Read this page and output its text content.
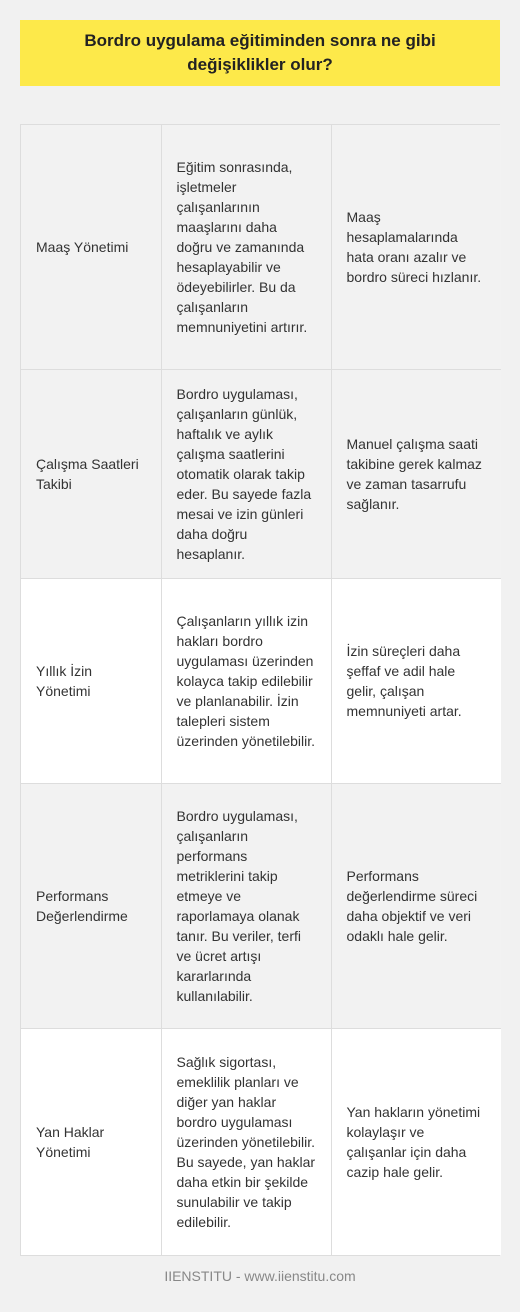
Bordro uygulama eğitiminden sonra ne gibi değişiklikler olur?
Maaş Yönetimi	Eğitim sonrasında, işletmeler çalışanlarının maaşlarını daha doğru ve zamanında hesaplayabilir ve ödeyebilirler. Bu da çalışanların memnuniyetini artırır.	Maaş hesaplamalarında hata oranı azalır ve bordro süreci hızlanır.
Çalışma Saatleri Takibi	Bordro uygulaması, çalışanların günlük, haftalık ve aylık çalışma saatlerini otomatik olarak takip eder. Bu sayede fazla mesai ve izin günleri daha doğru hesaplanır.	Manuel çalışma saati takibine gerek kalmaz ve zaman tasarrufu sağlanır.
Yıllık İzin Yönetimi	Çalışanların yıllık izin hakları bordro uygulaması üzerinden kolayca takip edilebilir ve planlanabilir. İzin talepleri sistem üzerinden yönetilebilir.	İzin süreçleri daha şeffaf ve adil hale gelir, çalışan memnuniyeti artar.
Performans Değerlendirme	Bordro uygulaması, çalışanların performans metriklerini takip etmeye ve raporlamaya olanak tanır. Bu veriler, terfi ve ücret artışı kararlarında kullanılabilir.	Performans değerlendirme süreci daha objektif ve veri odaklı hale gelir.
Yan Haklar Yönetimi	Sağlık sigortası, emeklilik planları ve diğer yan haklar bordro uygulaması üzerinden yönetilebilir. Bu sayede, yan haklar daha etkin bir şekilde sunulabilir ve takip edilebilir.	Yan hakların yönetimi kolaylaşır ve çalışanlar için daha cazip hale gelir.
IIENSTITU - www.iienstitu.com
